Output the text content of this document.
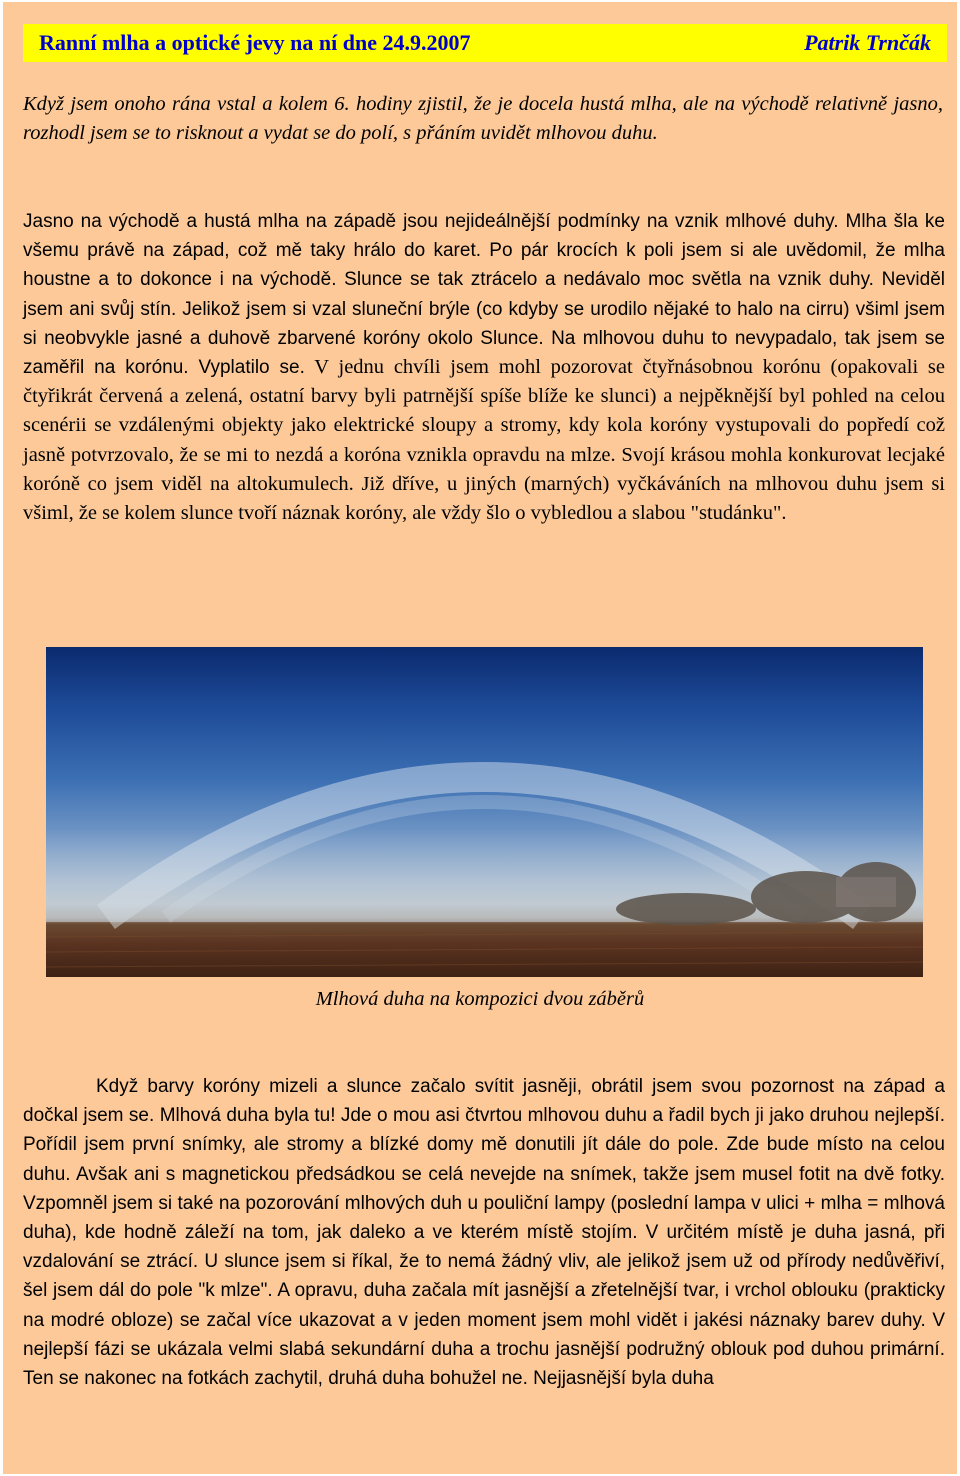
Ranní mlha a optické jevy na ní dne 24.9.2007	Patrik Trnčák

Když jsem onoho rána vstal a kolem 6. hodiny zjistil, že je docela hustá mlha, ale na východě relativně jasno, rozhodl jsem se to risknout a vydat se do polí, s přáním uvidět mlhovou duhu.

Jasno na východě a hustá mlha na západě jsou nejideálnější podmínky na vznik mlhové duhy. Mlha šla ke všemu právě na západ, což mě taky hrálo do karet. Po pár krocích k poli jsem si ale uvědomil, že mlha houstne a to dokonce i na východě. Slunce se tak ztrácelo a nedávalo moc světla na vznik duhy. Neviděl jsem ani svůj stín. Jelikož jsem si vzal sluneční brýle (co kdyby se urodilo nějaké to halo na cirru) všiml jsem si neobvykle jasné a duhově zbarvené koróny okolo Slunce. Na mlhovou duhu to nevypadalo, tak jsem se zaměřil na korónu. Vyplatilo se. V jednu chvíli jsem mohl pozorovat čtyřnásobnou korónu (opakovali se čtyřikrát červená a zelená, ostatní barvy byli patrnější spíše blíže ke slunci) a nejpěknější byl pohled na celou scenérii se vzdálenými objekty jako elektrické sloupy a stromy, kdy kola koróny vystupovali do popředí což jasně potvrzovalo, že se mi to nezdá a koróna vznikla opravdu na mlze. Svojí krásou mohla konkurovat lecjaké koróně co jsem viděl na altokumulech. Již dříve, u jiných (marných) vyčkáváních na mlhovou duhu jsem si všiml, že se kolem slunce tvoří náznak koróny, ale vždy šlo o vybledlou a slabou "studánku".

Mlhová duha na kompozici dvou záběrů

Když barvy koróny mizeli a slunce začalo svítit jasněji, obrátil jsem svou pozornost na západ a dočkal jsem se. Mlhová duha byla tu! Jde o mou asi čtvrtou mlhovou duhu a řadil bych ji jako druhou nejlepší. Pořídil jsem první snímky, ale stromy a blízké domy mě donutili jít dále do pole. Zde bude místo na celou duhu. Avšak ani s magnetickou předsádkou se celá nevejde na snímek, takže jsem musel fotit na dvě fotky. Vzpomněl jsem si také na pozorování mlhových duh u pouliční lampy (poslední lampa v ulici + mlha = mlhová duha), kde hodně záleží na tom, jak daleko a ve kterém místě stojím. V určitém místě je duha jasná, při vzdalování se ztrácí. U slunce jsem si říkal, že to nemá žádný vliv, ale jelikož jsem už od přírody nedůvěřiví, šel jsem dál do pole "k mlze". A opravu, duha začala mít jasnější a zřetelnější tvar, i vrchol oblouku (prakticky na modré obloze) se začal více ukazovat a v jeden moment jsem mohl vidět i jakési náznaky barev duhy. V nejlepší fázi se ukázala velmi slabá sekundární duha a trochu jasnější podružný oblouk pod duhou primární. Ten se nakonec na fotkách zachytil, druhá duha bohužel ne. Nejjasnější byla duha
